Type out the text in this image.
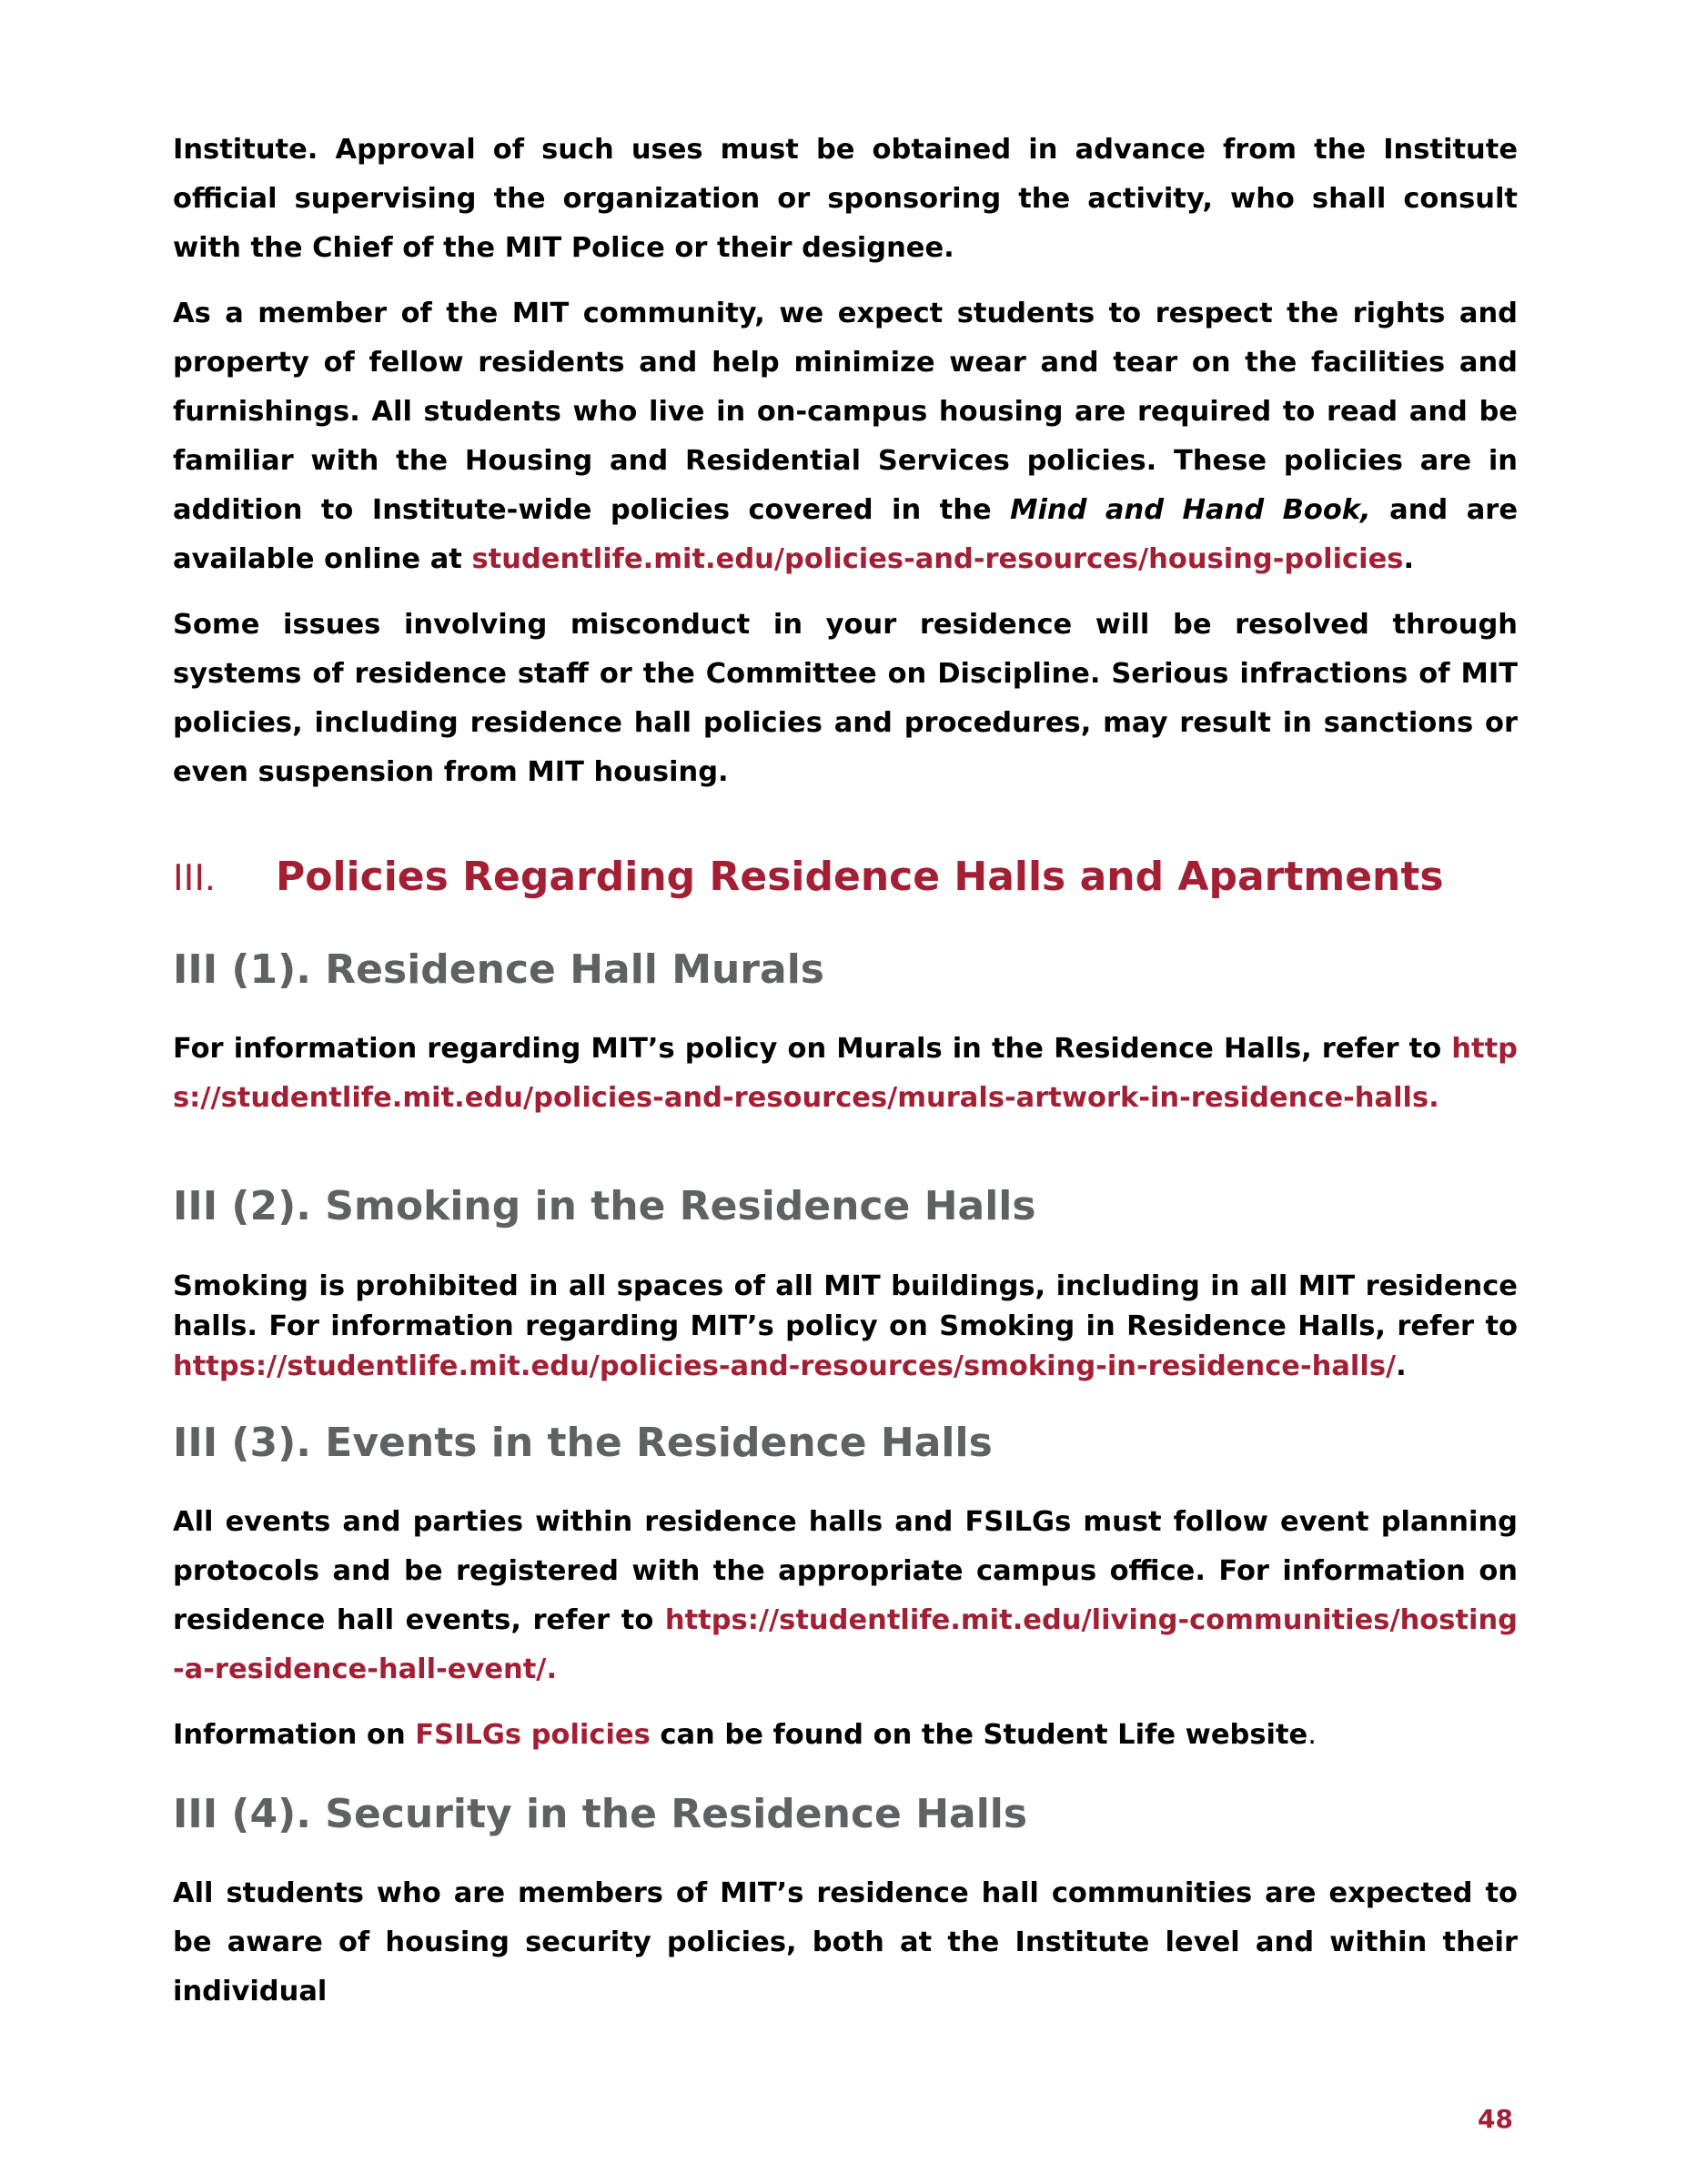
Institute. Approval of such uses must be obtained in advance from the Institute official supervising the organization or sponsoring the activity, who shall consult with the Chief of the MIT Police or their designee.

As a member of the MIT community, we expect students to respect the rights and property of fellow residents and help minimize wear and tear on the facilities and furnishings. All students who live in on-campus housing are required to read and be familiar with the Housing and Residential Services policies. These policies are in addition to Institute-wide policies covered in the Mind and Hand Book, and are available online at studentlife.mit.edu/policies-and-resources/housing-policies.

Some issues involving misconduct in your residence will be resolved through systems of residence staff or the Committee on Discipline. Serious infractions of MIT policies, including residence hall policies and procedures, may result in sanctions or even suspension from MIT housing.

III.	Policies Regarding Residence Halls and Apartments
III (1). Residence Hall Murals

For information regarding MIT’s policy on Murals in the Residence Halls, refer to https://studentlife.mit.edu/policies-and-resources/murals-artwork-in-residence-halls.

III (2). Smoking in the Residence Halls

Smoking is prohibited in all spaces of all MIT buildings, including in all MIT residence halls. For information regarding MIT’s policy on Smoking in Residence Halls, refer to https://studentlife.mit.edu/policies-and-resources/smoking-in-residence-halls/.

III (3). Events in the Residence Halls

All events and parties within residence halls and FSILGs must follow event planning protocols and be registered with the appropriate campus office. For information on residence hall events, refer to https://studentlife.mit.edu/living-communities/hosting-a-residence-hall-event/.

Information on FSILGs policies can be found on the Student Life website.

III (4). Security in the Residence Halls

All students who are members of MIT’s residence hall communities are expected to be aware of housing security policies, both at the Institute level and within their individual

48
